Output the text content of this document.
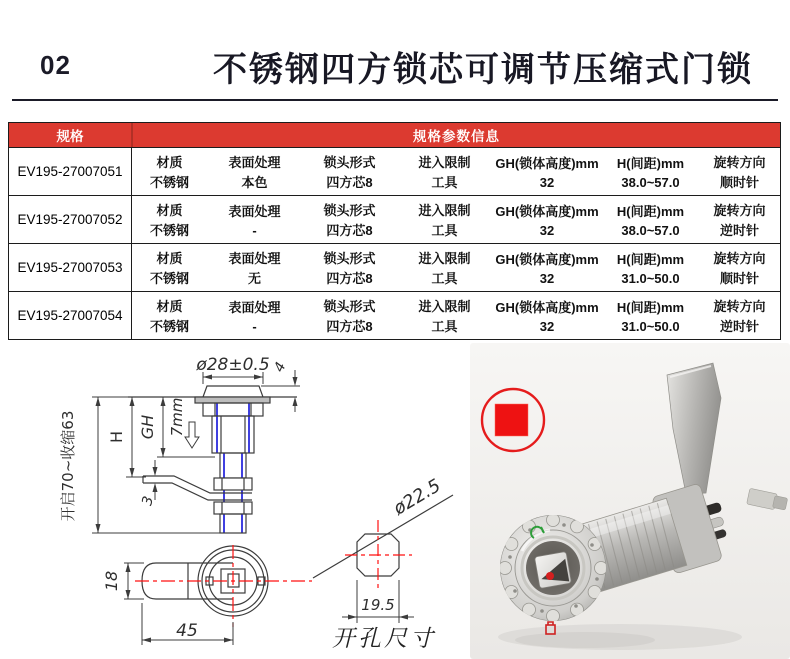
02	不锈钢四方锁芯可调节压缩式门锁
规格	规格参数信息
EV195-27007051
材质
不锈钢
表面处理
本色
锁头形式
四方芯8
进入限制
工具
GH(锁体高度)mm
32
H(间距)mm
38.0~57.0
旋转方向
顺时针
EV195-27007052
材质
不锈钢
表面处理
-
锁头形式
四方芯8
进入限制
工具
GH(锁体高度)mm
32
H(间距)mm
38.0~57.0
旋转方向
逆时针
EV195-27007053
材质
不锈钢
表面处理
无
锁头形式
四方芯8
进入限制
工具
GH(锁体高度)mm
32
H(间距)mm
31.0~50.0
旋转方向
顺时针
EV195-27007054
材质
不锈钢
表面处理
-
锁头形式
四方芯8
进入限制
工具
GH(锁体高度)mm
32
H(间距)mm
31.0~50.0
旋转方向
逆时针
ø28±0.5 4
开启70~收缩63 H GH 7mm
3
18
45
ø22.5
19.5
开孔尺寸
